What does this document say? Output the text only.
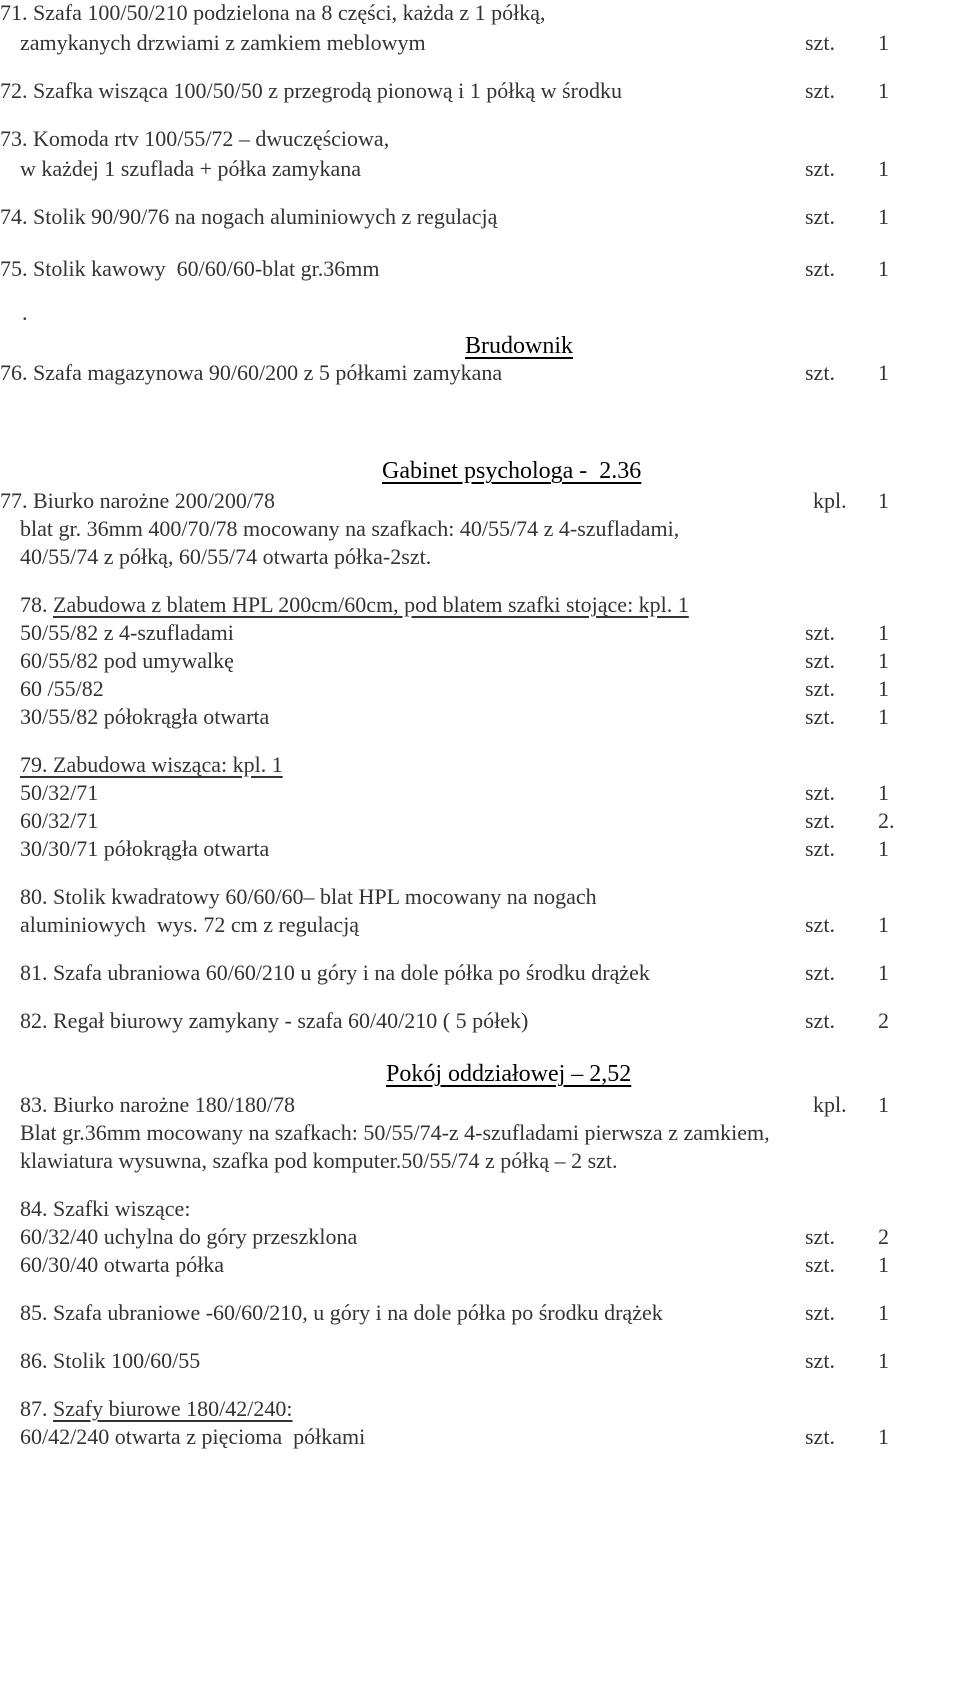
71. Szafa 100/50/210 podzielona na 8 części, każda z 1 półką,
zamykanych drzwiami z zamkiem meblowym	szt. 1
72. Szafka wisząca 100/50/50 z przegrodą pionową i 1 półką w środku	szt. 1
73. Komoda rtv 100/55/72 – dwuczęściowa,
w każdej 1 szuflada + półka zamykana	szt. 1
74. Stolik 90/90/76 na nogach aluminiowych z regulacją	szt. 1
75. Stolik kawowy  60/60/60-blat gr.36mm	szt. 1
.
Brudownik
76. Szafa magazynowa 90/60/200 z 5 półkami zamykana	szt. 1
Gabinet psychologa -  2.36
77. Biurko narożne 200/200/78	kpl. 1
blat gr. 36mm 400/70/78 mocowany na szafkach: 40/55/74 z 4-szufladami,
40/55/74 z półką, 60/55/74 otwarta półka-2szt.
78. Zabudowa z blatem HPL 200cm/60cm, pod blatem szafki stojące: kpl. 1
50/55/82 z 4-szufladami	szt. 1
60/55/82 pod umywalkę	szt. 1
60 /55/82	szt. 1
30/55/82 półokrągła otwarta	szt. 1
79. Zabudowa wisząca: kpl. 1
50/32/71	szt. 1
60/32/71	szt. 2.
30/30/71 półokrągła otwarta	szt. 1
80. Stolik kwadratowy 60/60/60– blat HPL mocowany na nogach
aluminiowych  wys. 72 cm z regulacją	szt. 1
81. Szafa ubraniowa 60/60/210 u góry i na dole półka po środku drążek	szt. 1
82. Regał biurowy zamykany - szafa 60/40/210 ( 5 półek)	szt. 2
Pokój oddziałowej – 2,52
83. Biurko narożne 180/180/78	kpl. 1
Blat gr.36mm mocowany na szafkach: 50/55/74-z 4-szufladami pierwsza z zamkiem,
klawiatura wysuwna, szafka pod komputer.50/55/74 z półką – 2 szt.
84. Szafki wiszące:
60/32/40 uchylna do góry przeszklona	szt. 2
60/30/40 otwarta półka	szt. 1
85. Szafa ubraniowe -60/60/210, u góry i na dole półka po środku drążek	szt. 1
86. Stolik 100/60/55	szt. 1
87. Szafy biurowe 180/42/240:
60/42/240 otwarta z pięcioma  półkami	szt. 1
